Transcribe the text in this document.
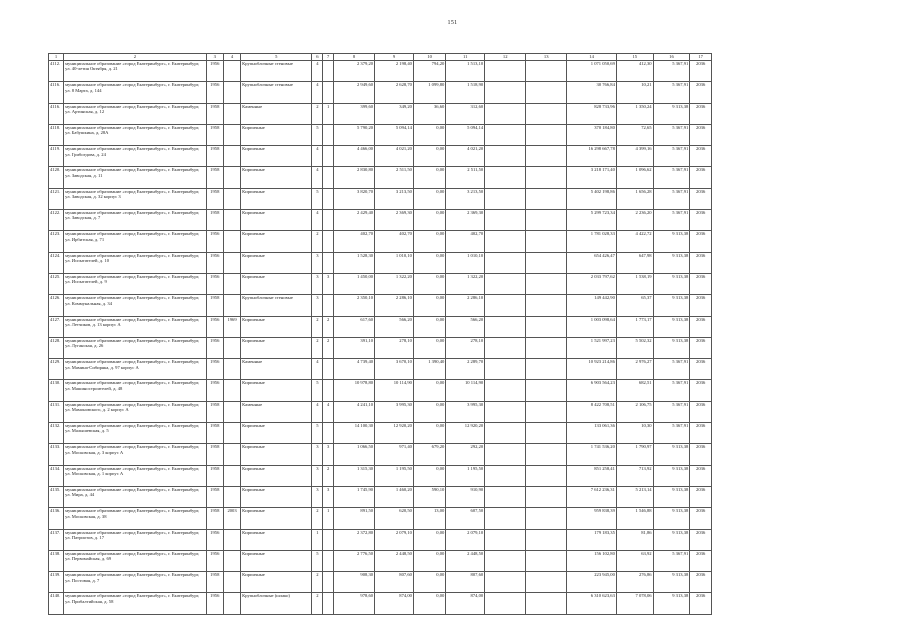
151
1	2	3	4	5	6	7	8	9	10	11	12	13	14	15	16	17
4112.	муниципальное образование «город Екатеринбург», г. Екатеринбург, ул. 40-летия Октября, д. 21	1956		Крупноблочные стеновые	4		2 379,20	2 198,40	794,20	1 513,10			1 071 050,69	412,30	5 367,91	2036
4116.	муниципальное образование «город Екатеринбург», г. Екатеринбург, ул. 8 Марта, д. 144	1956		Крупноблочные стеновые	4		2 949,60	2 628,70	1 099,80	1 518,90			30 766,84	10,21	5 367,91	2036
4116.	муниципальное образование «город Екатеринбург», г. Екатеринбург, ул. Артинская, д. 12	1958		Каменные	2	1	399,60	349,20	36,60	312,60			828 733,96	1 350,24	9 313,38	2036
4118.	муниципальное образование «город Екатеринбург», г. Екатеринбург, ул. Бабушкина, д. 28А	1958		Кирпичные	5		5 790,20	5 094,14	0,00	5 094,14			370 184,80	72,65	5 367,91	2036
4119.	муниципальное образование «город Екатеринбург», г. Екатеринбург, ул. Грибоедова, д. 24	1958		Кирпичные	4		4 466,00	4 021,20	0,00	4 021,20			16 298 667,78	4 399,16	5 367,91	2036
4120.	муниципальное образование «город Екатеринбург», г. Екатеринбург, ул. Заводская, д. 11	1958		Кирпичные	4		2 830,80	2 511,50	0,00	2 511,50			3 218 171,40	1 096,62	5 367,91	2036
4121.	муниципальное образование «город Екатеринбург», г. Екатеринбург, ул. Заводская, д. 32 корпус 3	1958		Кирпичные	5		3 820,70	3 213,50	0,00	3 213,50			5 402 198,86	1 656,28	5 367,91	2036
4122.	муниципальное образование «город Екатеринбург», г. Екатеринбург, ул. Заводская, д. 7	1958		Кирпичные	4		2 429,40	2 369,30	0,00	2 369,30			5 299 723,34	2 236,20	5 367,91	2036
4123.	муниципальное образование «город Екатеринбург», г. Екатеринбург, ул. Ирбитская, д. 71	1956		Кирпичные	2		402,70	402,70	0,00	402,70			1 781 028,33	4 422,72	9 313,38	2036
4124.	муниципальное образование «город Екатеринбург», г. Екатеринбург, ул. Испытателей, д. 10	1956		Кирпичные	3		1 528,30	1 010,10	0,00	1 010,10			654 426,47	647,98	9 313,38	2036
4125.	муниципальное образование «город Екатеринбург», г. Екатеринбург, ул. Испытателей, д. 9	1956		Кирпичные	3	3	1 450,00	1 322,20	0,00	1 322,20			2 033 797,62	1 538,19	9 313,38	2036
4126.	муниципальное образование «город Екатеринбург», г. Екатеринбург, ул. Коммунальная, д. 34	1958		Крупноблочные стеновые	3		2 350,10	2 286,10	0,00	2 286,10			149 442,90	65,37	9 313,38	2036
4127.	муниципальное образование «город Екатеринбург», г. Екатеринбург, ул. Летчиков, д. 13 корпус А	1956	1969	Кирпичные	2	2	617,60	566,20	0,00	566,20			1 003 098,64	1 773,17	9 313,38	2036
4128.	муниципальное образование «город Екатеринбург», г. Екатеринбург, ул. Луганская, д. 26	1956		Кирпичные	2	2	391,10	278,10	0,00	278,10			1 521 997,23	5 502,32	9 313,38	2036
4129.	муниципальное образование «город Екатеринбург», г. Екатеринбург, ул. Мамина-Сибиряка, д. 97 корпус А	1956		Каменные	4		4 739,40	3 670,10	1 390,40	2 289,70			10 923 214,86	2 976,27	5 367,91	2036
4130.	муниципальное образование «город Екатеринбург», г. Екатеринбург, ул. Машиностроителей, д. 48	1956		Кирпичные	5		10 978,80	10 114,90	0,00	10 114,90			6 903 564,23	682,51	5 367,91	2036
4131.	муниципальное образование «город Екатеринбург», г. Екатеринбург, ул. Мамоновского, д. 2 корпус А	1958		Каменные	4	4	4 241,10	3 995,30	0,00	3 995,30			8 422 708,51	2 106,75	5 367,91	2036
4132.	муниципальное образование «город Екатеринбург», г. Екатеринбург, ул. Малышевская, д. 5	1958		Кирпичные	5		14 100,30	12 920,20	0,00	12 920,20			133 061,36	10,30	5 367,91	2036
4133.	муниципальное образование «город Екатеринбург», г. Екатеринбург, ул. Московская, д. 3 корпус А	1958		Кирпичные	3	3	1 066,50	971,40	679,20	292,20			1 741 536,20	1 790,97	9 313,38	2036
4134.	муниципальное образование «город Екатеринбург», г. Екатеринбург, ул. Московская, д. 1 корпус А	1958		Кирпичные	3	2	1 315,30	1 195,50	0,00	1 195,50			851 258,41	713,92	9 313,38	2036
4135.	муниципальное образование «город Екатеринбург», г. Екатеринбург, ул. Мира, д. 44	1958		Кирпичные	3	3	1 745,90	1 460,20	590,10	910,90			7 612 236,31	5 213,14	9 313,38	2036
4136.	муниципальное образование «город Екатеринбург», г. Екатеринбург, ул. Московская, д. 38	1958	2003	Кирпичные	2	1	891,50	620,50	13,00	607,50			959 838,39	1 546,88	9 313,38	2036
4137.	муниципальное образование «город Екатеринбург», г. Екатеринбург, ул. Патриотов, д. 17	1956		Кирпичные	1		2 372,80	2 079,10	0,00	2 079,10			179 183,35	81,86	9 313,38	2036
4138.	муниципальное образование «город Екатеринбург», г. Екатеринбург, ул. Первомайская, д. 69	1956		Кирпичные	5		2 776,50	2 448,50	0,00	2 448,50			156 102,80	63,92	5 367,91	2036
4139.	муниципальное образование «город Екатеринбург», г. Екатеринбург, ул. Постовая, д. 7	1958		Кирпичные	2		908,30	807,60	0,00	807,60			223 945,00	276,86	9 313,38	2036
4140.	муниципальное образование «город Екатеринбург», г. Екатеринбург, ул. Прибалтийская, д. 58	1956		Крупноблочные (шлако)	2		978,60	874,00	0,00	874,00			6 310 623,63	7 078,06	9 313,38	2036
